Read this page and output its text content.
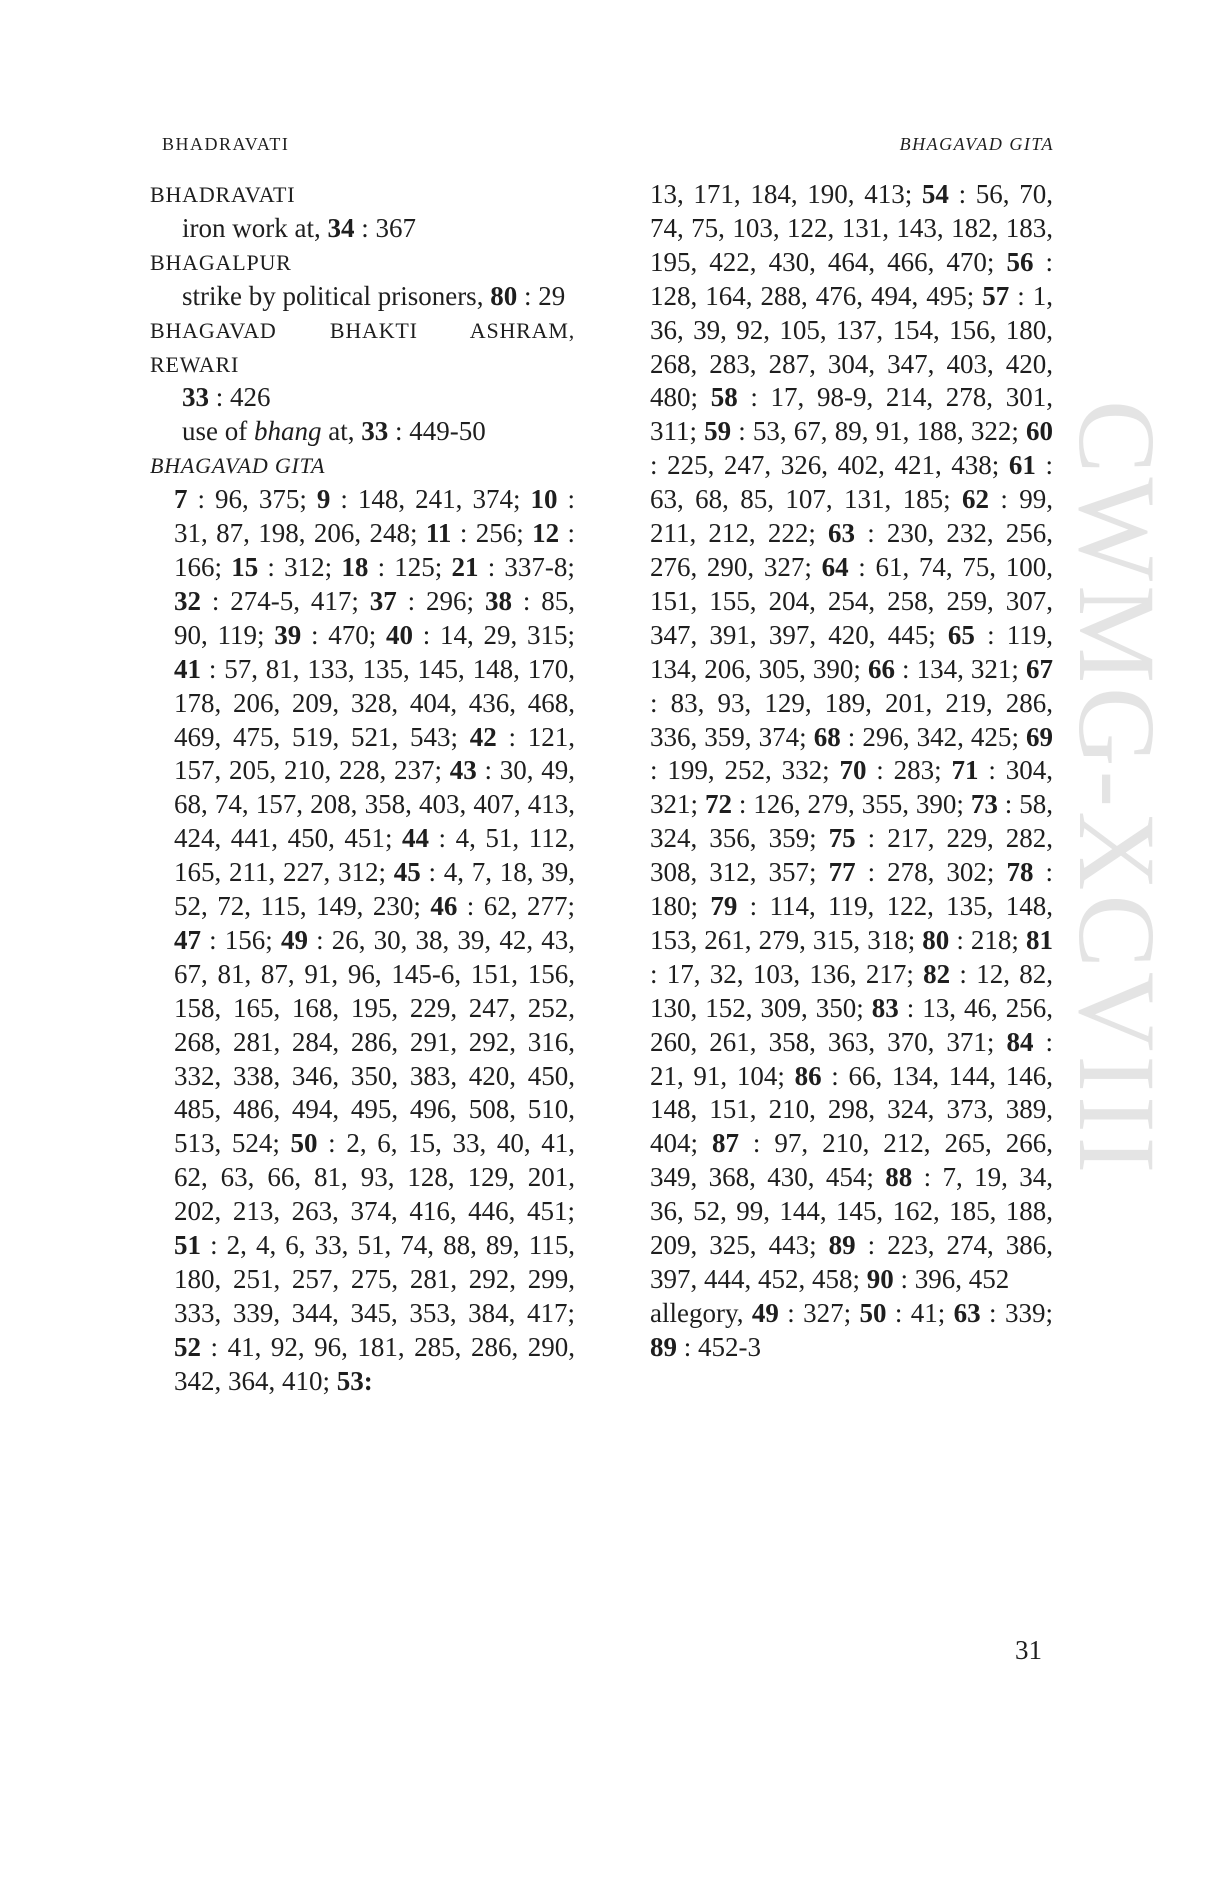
BHADRAVATI	BHAGAVAD GITA
CWMG-XCVIII

BHADRAVATI

iron work at, 34 : 367

BHAGALPUR

strike by political prisoners, 80 : 29

BHAGAVAD BHAKTI ASHRAM, REWARI

33 : 426

use of bhang at, 33 : 449-50

BHAGAVAD GITA

7 : 96, 375; 9 : 148, 241, 374; 10 : 31, 87, 198, 206, 248; 11 : 256; 12 : 166; 15 : 312; 18 : 125; 21 : 337-8; 32 : 274-5, 417; 37 : 296; 38 : 85, 90, 119; 39 : 470; 40 : 14, 29, 315; 41 : 57, 81, 133, 135, 145, 148, 170, 178, 206, 209, 328, 404, 436, 468, 469, 475, 519, 521, 543; 42 : 121, 157, 205, 210, 228, 237; 43 : 30, 49, 68, 74, 157, 208, 358, 403, 407, 413, 424, 441, 450, 451; 44 : 4, 51, 112, 165, 211, 227, 312; 45 : 4, 7, 18, 39, 52, 72, 115, 149, 230; 46 : 62, 277; 47 : 156; 49 : 26, 30, 38, 39, 42, 43, 67, 81, 87, 91, 96, 145-6, 151, 156, 158, 165, 168, 195, 229, 247, 252, 268, 281, 284, 286, 291, 292, 316, 332, 338, 346, 350, 383, 420, 450, 485, 486, 494, 495, 496, 508, 510, 513, 524; 50 : 2, 6, 15, 33, 40, 41, 62, 63, 66, 81, 93, 128, 129, 201, 202, 213, 263, 374, 416, 446, 451; 51 : 2, 4, 6, 33, 51, 74, 88, 89, 115, 180, 251, 257, 275, 281, 292, 299, 333, 339, 344, 345, 353, 384, 417; 52 : 41, 92, 96, 181, 285, 286, 290, 342, 364, 410; 53:

13, 171, 184, 190, 413; 54 : 56, 70, 74, 75, 103, 122, 131, 143, 182, 183, 195, 422, 430, 464, 466, 470; 56 : 128, 164, 288, 476, 494, 495; 57 : 1, 36, 39, 92, 105, 137, 154, 156, 180, 268, 283, 287, 304, 347, 403, 420, 480; 58 : 17, 98-9, 214, 278, 301, 311; 59 : 53, 67, 89, 91, 188, 322; 60 : 225, 247, 326, 402, 421, 438; 61 : 63, 68, 85, 107, 131, 185; 62 : 99, 211, 212, 222; 63 : 230, 232, 256, 276, 290, 327; 64 : 61, 74, 75, 100, 151, 155, 204, 254, 258, 259, 307, 347, 391, 397, 420, 445; 65 : 119, 134, 206, 305, 390; 66 : 134, 321; 67 : 83, 93, 129, 189, 201, 219, 286, 336, 359, 374; 68 : 296, 342, 425; 69 : 199, 252, 332; 70 : 283; 71 : 304, 321; 72 : 126, 279, 355, 390; 73 : 58, 324, 356, 359; 75 : 217, 229, 282, 308, 312, 357; 77 : 278, 302; 78 : 180; 79 : 114, 119, 122, 135, 148, 153, 261, 279, 315, 318; 80 : 218; 81 : 17, 32, 103, 136, 217; 82 : 12, 82, 130, 152, 309, 350; 83 : 13, 46, 256, 260, 261, 358, 363, 370, 371; 84 : 21, 91, 104; 86 : 66, 134, 144, 146, 148, 151, 210, 298, 324, 373, 389, 404; 87 : 97, 210, 212, 265, 266, 349, 368, 430, 454; 88 : 7, 19, 34, 36, 52, 99, 144, 145, 162, 185, 188, 209, 325, 443; 89 : 223, 274, 386, 397, 444, 452, 458; 90 : 396, 452

allegory, 49 : 327; 50 : 41; 63 : 339; 89 : 452-3

31
